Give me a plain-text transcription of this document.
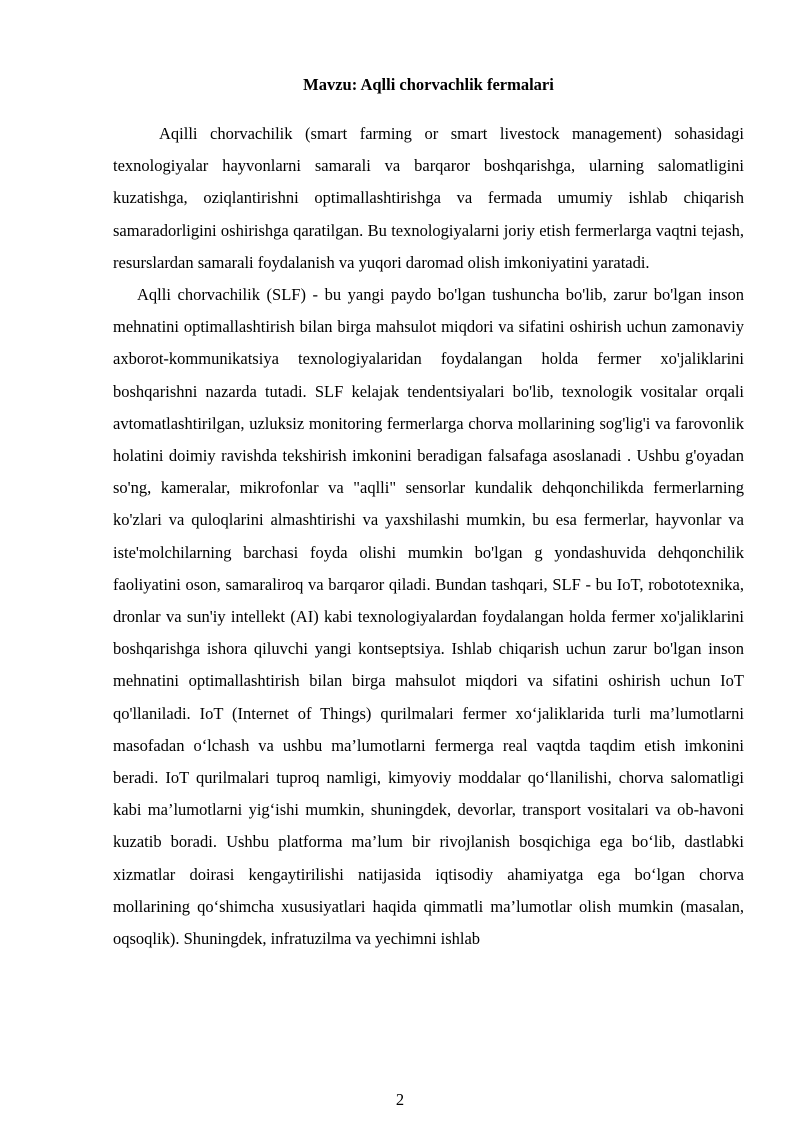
Mavzu: Aqlli chorvachlik fermalari

Aqilli chorvachilik (smart farming or smart livestock management) sohasidagi texnologiyalar hayvonlarni samarali va barqaror boshqarishga, ularning salomatligini kuzatishga, oziqlantirishni optimallashtirishga va fermada umumiy ishlab chiqarish samaradorligini oshirishga qaratilgan. Bu texnologiyalarni joriy etish fermerlarga vaqtni tejash, resurslardan samarali foydalanish va yuqori daromad olish imkoniyatini yaratadi.

Aqlli chorvachilik (SLF) - bu yangi paydo bo'lgan tushuncha bo'lib, zarur bo'lgan inson mehnatini optimallashtirish bilan birga mahsulot miqdori va sifatini oshirish uchun zamonaviy axborot-kommunikatsiya texnologiyalaridan foydalangan holda fermer xo'jaliklarini boshqarishni nazarda tutadi. SLF kelajak tendentsiyalari bo'lib, texnologik vositalar orqali avtomatlashtirilgan, uzluksiz monitoring fermerlarga chorva mollarining sog'lig'i va farovonlik holatini doimiy ravishda tekshirish imkonini beradigan falsafaga asoslanadi . Ushbu g'oyadan so'ng, kameralar, mikrofonlar va "aqlli" sensorlar kundalik dehqonchilikda fermerlarning ko'zlari va quloqlarini almashtirishi va yaxshilashi mumkin, bu esa fermerlar, hayvonlar va iste'molchilarning barchasi foyda olishi mumkin bo'lgan g yondashuvida dehqonchilik faoliyatini oson, samaraliroq va barqaror qiladi. Bundan tashqari, SLF - bu IoT, robototexnika, dronlar va sun'iy intellekt (AI) kabi texnologiyalardan foydalangan holda fermer xo'jaliklarini boshqarishga ishora qiluvchi yangi kontseptsiya. Ishlab chiqarish uchun zarur bo'lgan inson mehnatini optimallashtirish bilan birga mahsulot miqdori va sifatini oshirish uchun IoT qo'llaniladi. IoT (Internet of Things) qurilmalari fermer xo‘jaliklarida turli ma’lumotlarni masofadan o‘lchash va ushbu ma’lumotlarni fermerga real vaqtda taqdim etish imkonini beradi. IoT qurilmalari tuproq namligi, kimyoviy moddalar qo‘llanilishi, chorva salomatligi kabi ma’lumotlarni yig‘ishi mumkin, shuningdek, devorlar, transport vositalari va ob-havoni kuzatib boradi. Ushbu platforma ma’lum bir rivojlanish bosqichiga ega bo‘lib, dastlabki xizmatlar doirasi kengaytirilishi natijasida iqtisodiy ahamiyatga ega bo‘lgan chorva mollarining qo‘shimcha xususiyatlari haqida qimmatli ma’lumotlar olish mumkin (masalan, oqsoqlik). Shuningdek, infratuzilma va yechimni ishlab

2
